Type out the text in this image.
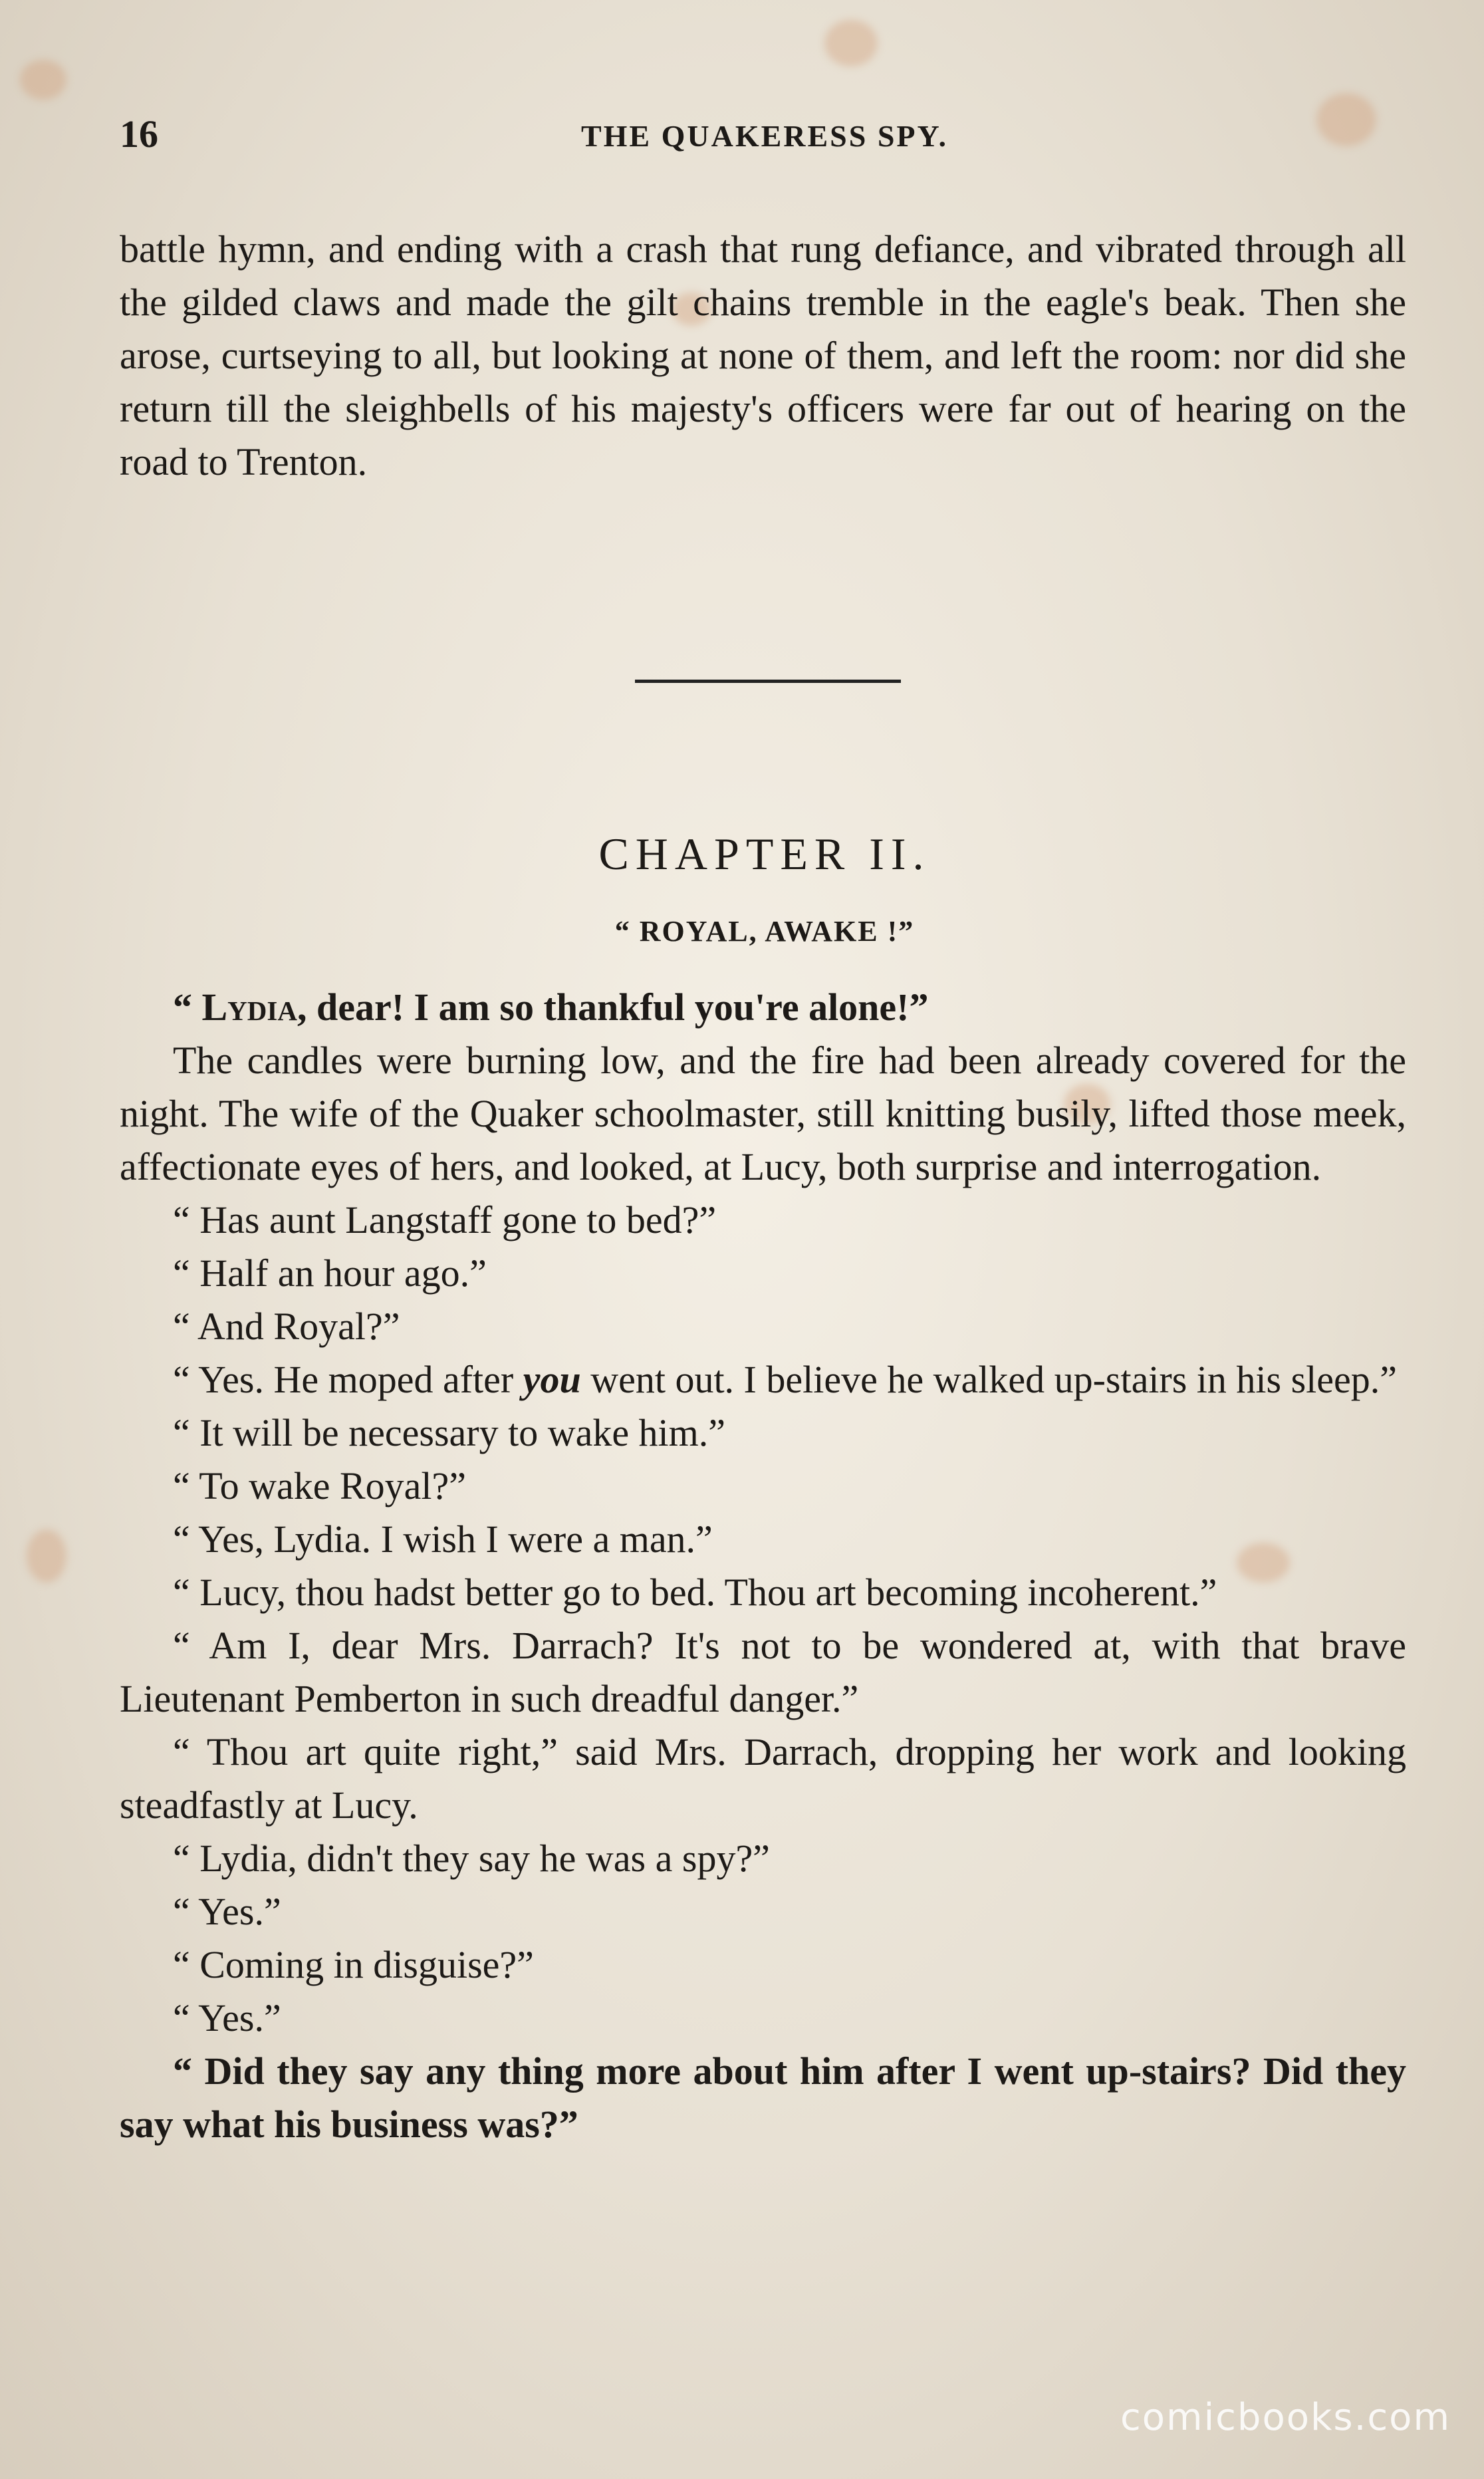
16	THE QUAKERESS SPY.

battle hymn, and ending with a crash that rung defiance, and vibrated through all the gilded claws and made the gilt chains tremble in the eagle's beak. Then she arose, curtseying to all, but looking at none of them, and left the room: nor did she return till the sleighbells of his majesty's officers were far out of hearing on the road to Trenton.

CHAPTER II.
“ ROYAL, AWAKE !”

“ Lydia, dear! I am so thankful you're alone!”

The candles were burning low, and the fire had been already covered for the night. The wife of the Quaker schoolmaster, still knitting busily, lifted those meek, affectionate eyes of hers, and looked, at Lucy, both surprise and interrogation.

“ Has aunt Langstaff gone to bed?”

“ Half an hour ago.”

“ And Royal?”

“ Yes. He moped after you went out. I believe he walked up-stairs in his sleep.”

“ It will be necessary to wake him.”

“ To wake Royal?”

“ Yes, Lydia. I wish I were a man.”

“ Lucy, thou hadst better go to bed. Thou art becoming incoherent.”

“ Am I, dear Mrs. Darrach? It's not to be wondered at, with that brave Lieutenant Pemberton in such dreadful danger.”

“ Thou art quite right,” said Mrs. Darrach, dropping her work and looking steadfastly at Lucy.

“ Lydia, didn't they say he was a spy?”

“ Yes.”

“ Coming in disguise?”

“ Yes.”

“ Did they say any thing more about him after I went up-stairs? Did they say what his business was?”

comicbooks.com
